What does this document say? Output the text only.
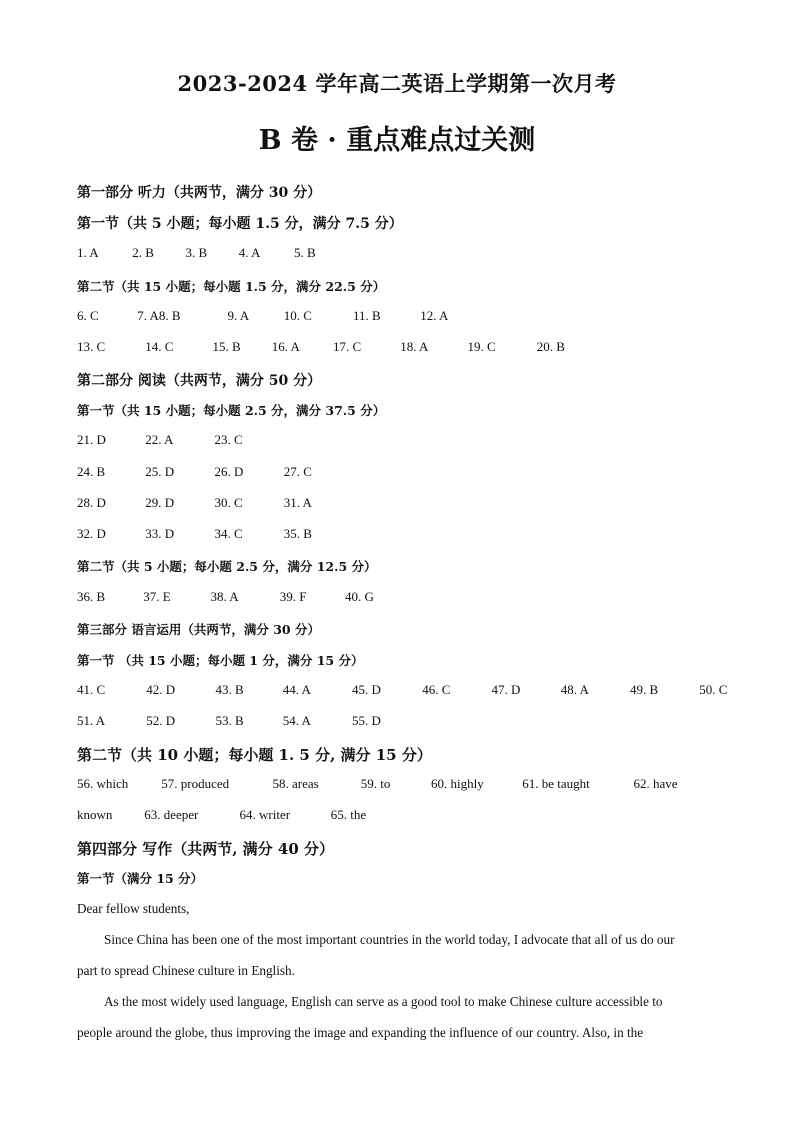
2023-2024 学年高二英语上学期第一次月考
B 卷 · 重点难点过关测
第一部分 听力（共两节，满分 30 分）
第一节（共 5 小题；每小题 1.5 分，满分 7.5 分）
1. A	2. B 3. B 4. A	5. B
第二节（共 15 小题；每小题 1.5 分，满分 22.5 分）
6. C	7. A8. B	9. A	10. C	11. B	12. A
13. C	14. C	15. B 16. A	17. C	18. A	19. C	20. B
第二部分 阅读（共两节，满分 50 分）
第一节（共 15 小题；每小题 2.5 分，满分 37.5 分）
21. D	22. A	23. C
24. B	25. D	26. D	27. C
28. D	29. D	30. C	31. A
32. D	33. D	34. C	35. B
第二节（共 5 小题；每小题 2.5 分，满分 12.5 分）
36. B	37. E	38. A	39. F	40. G
第三部分 语言运用（共两节，满分 30 分）
第一节 （共 15 小题；每小题 1 分，满分 15 分）
41. C	42. D	43. B	44. A	45. D	46. C	47. D	48. A	49. B	50. C
51. A	52. D	53. B	54. A	55. D
第二节（共 10 小题；每小题 1. 5 分, 满分 15 分）
56. which	57. produced	58. areas	59. to	60. highly	61. be taught	62. have
known 63. deeper	64. writer	65. the
第四部分 写作（共两节, 满分 40 分）
第一节（满分 15 分）
Dear fellow students,
Since China has been one of the most important countries in the world today, I advocate that all of us do our
part to spread Chinese culture in English.
As the most widely used language, English can serve as a good tool to make Chinese culture accessible to
people around the globe, thus improving the image and expanding the influence of our country. Also, in the
